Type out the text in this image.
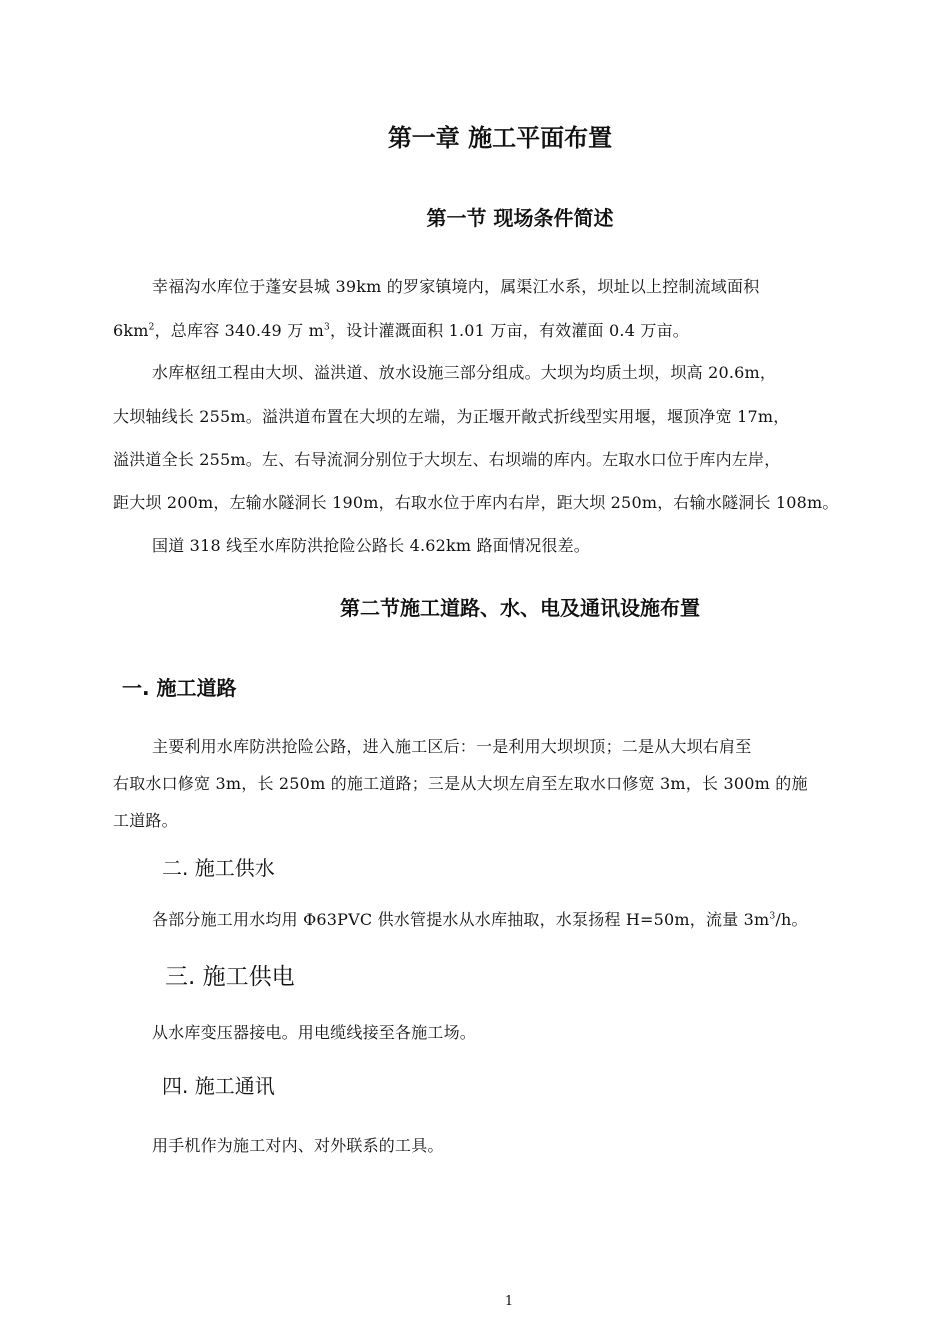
第一章 施工平面布置
第一节 现场条件简述
幸福沟水库位于蓬安县城 39km 的罗家镇境内，属渠江水系，坝址以上控制流域面积
$6km^2$，总库容 340.49 万 $m^3$，设计灌溉面积 1.01 万亩，有效灌面 0.4 万亩。
水库枢纽工程由大坝、溢洪道、放水设施三部分组成。大坝为均质土坝，坝高 20.6m，
大坝轴线长 255m。溢洪道布置在大坝的左端，为正堰开敞式折线型实用堰，堰顶净宽 17m，
溢洪道全长 255m。左、右导流洞分别位于大坝左、右坝端的库内。左取水口位于库内左岸，
距大坝 200m，左输水隧洞长 190m，右取水位于库内右岸，距大坝 250m，右输水隧洞长 108m。
国道 318 线至水库防洪抢险公路长 4.62km 路面情况很差。
第二节施工道路、水、电及通讯设施布置
一. 施工道路
主要利用水库防洪抢险公路，进入施工区后：一是利用大坝坝顶；二是从大坝右肩至
右取水口修宽 3m，长 250m 的施工道路；三是从大坝左肩至左取水口修宽 3m，长 300m 的施
工道路。
二. 施工供水
各部分施工用水均用 Φ63PVC 供水管提水从水库抽取，水泵扬程 H=50m，流量 $3m^3/h$。
三. 施工供电
从水库变压器接电。用电缆线接至各施工场。
四. 施工通讯
用手机作为施工对内、对外联系的工具。
1
